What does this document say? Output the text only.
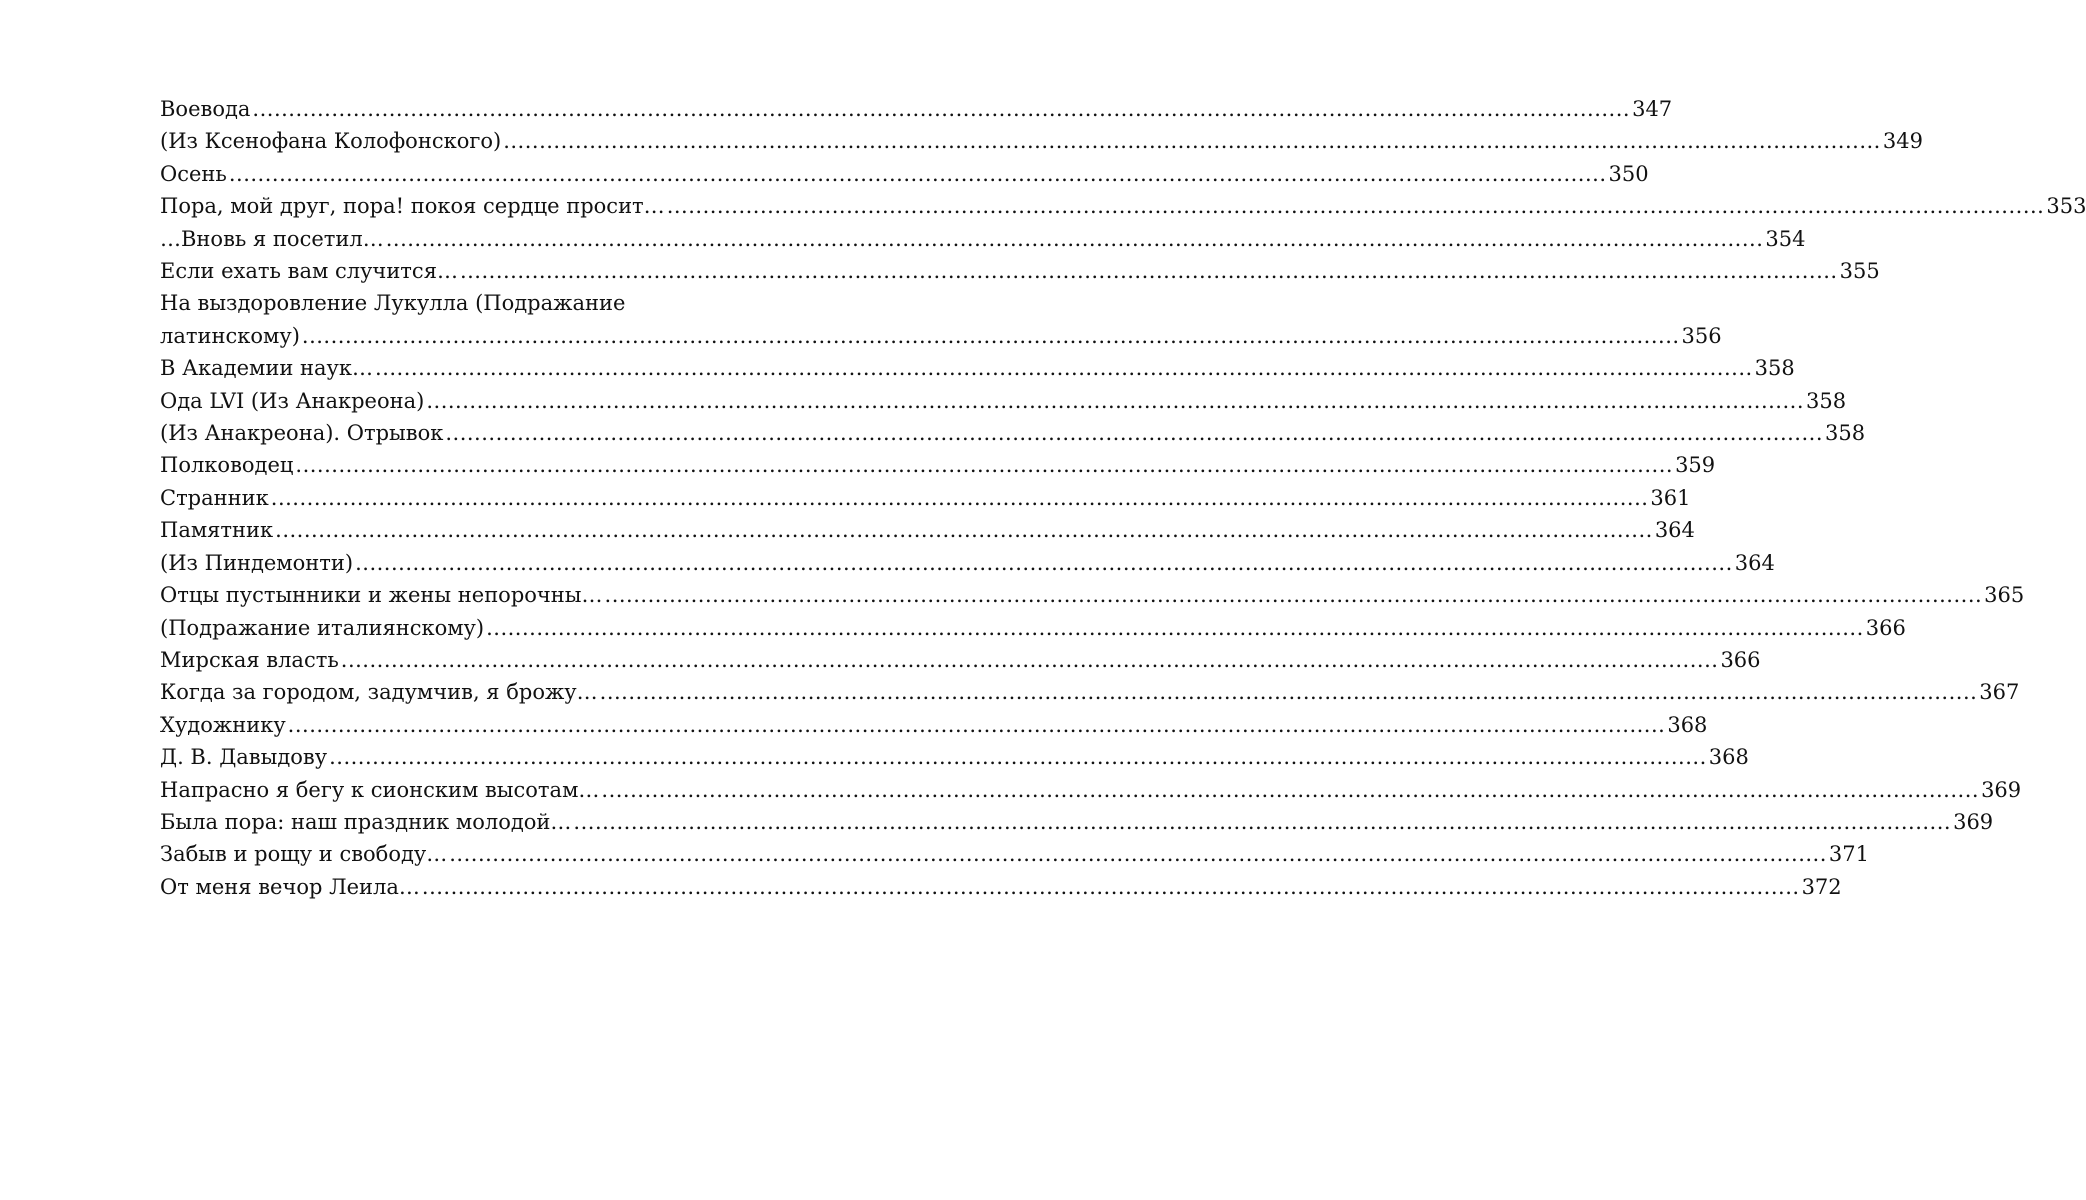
Воевода .....	347
(Из Ксенофана Колофонского) .....	349
Осень .....	350
Пора, мой друг, пора! покоя сердце просит… .....	353
…Вновь я посетил… .....	354
Если ехать вам случится… .....	355
На выздоровление Лукулла (Подражание
латинскому) .....	356
В Академии наук… .....	358
Ода LVI (Из Анакреона) .....	358
(Из Анакреона). Отрывок .....	358
Полководец .....	359
Странник .....	361
Памятник .....	364
(Из Пиндемонти) .....	364
Отцы пустынники и жены непорочны… .....	365
(Подражание италиянскому) .....	366
Мирская власть .....	366
Когда за городом, задумчив, я брожу… .....	367
Художнику .....	368
Д. В. Давыдову .....	368
Напрасно я бегу к сионским высотам… .....	369
Была пора: наш праздник молодой… .....	369
Забыв и рощу и свободу… .....	371
От меня вечор Леила… .....	372
